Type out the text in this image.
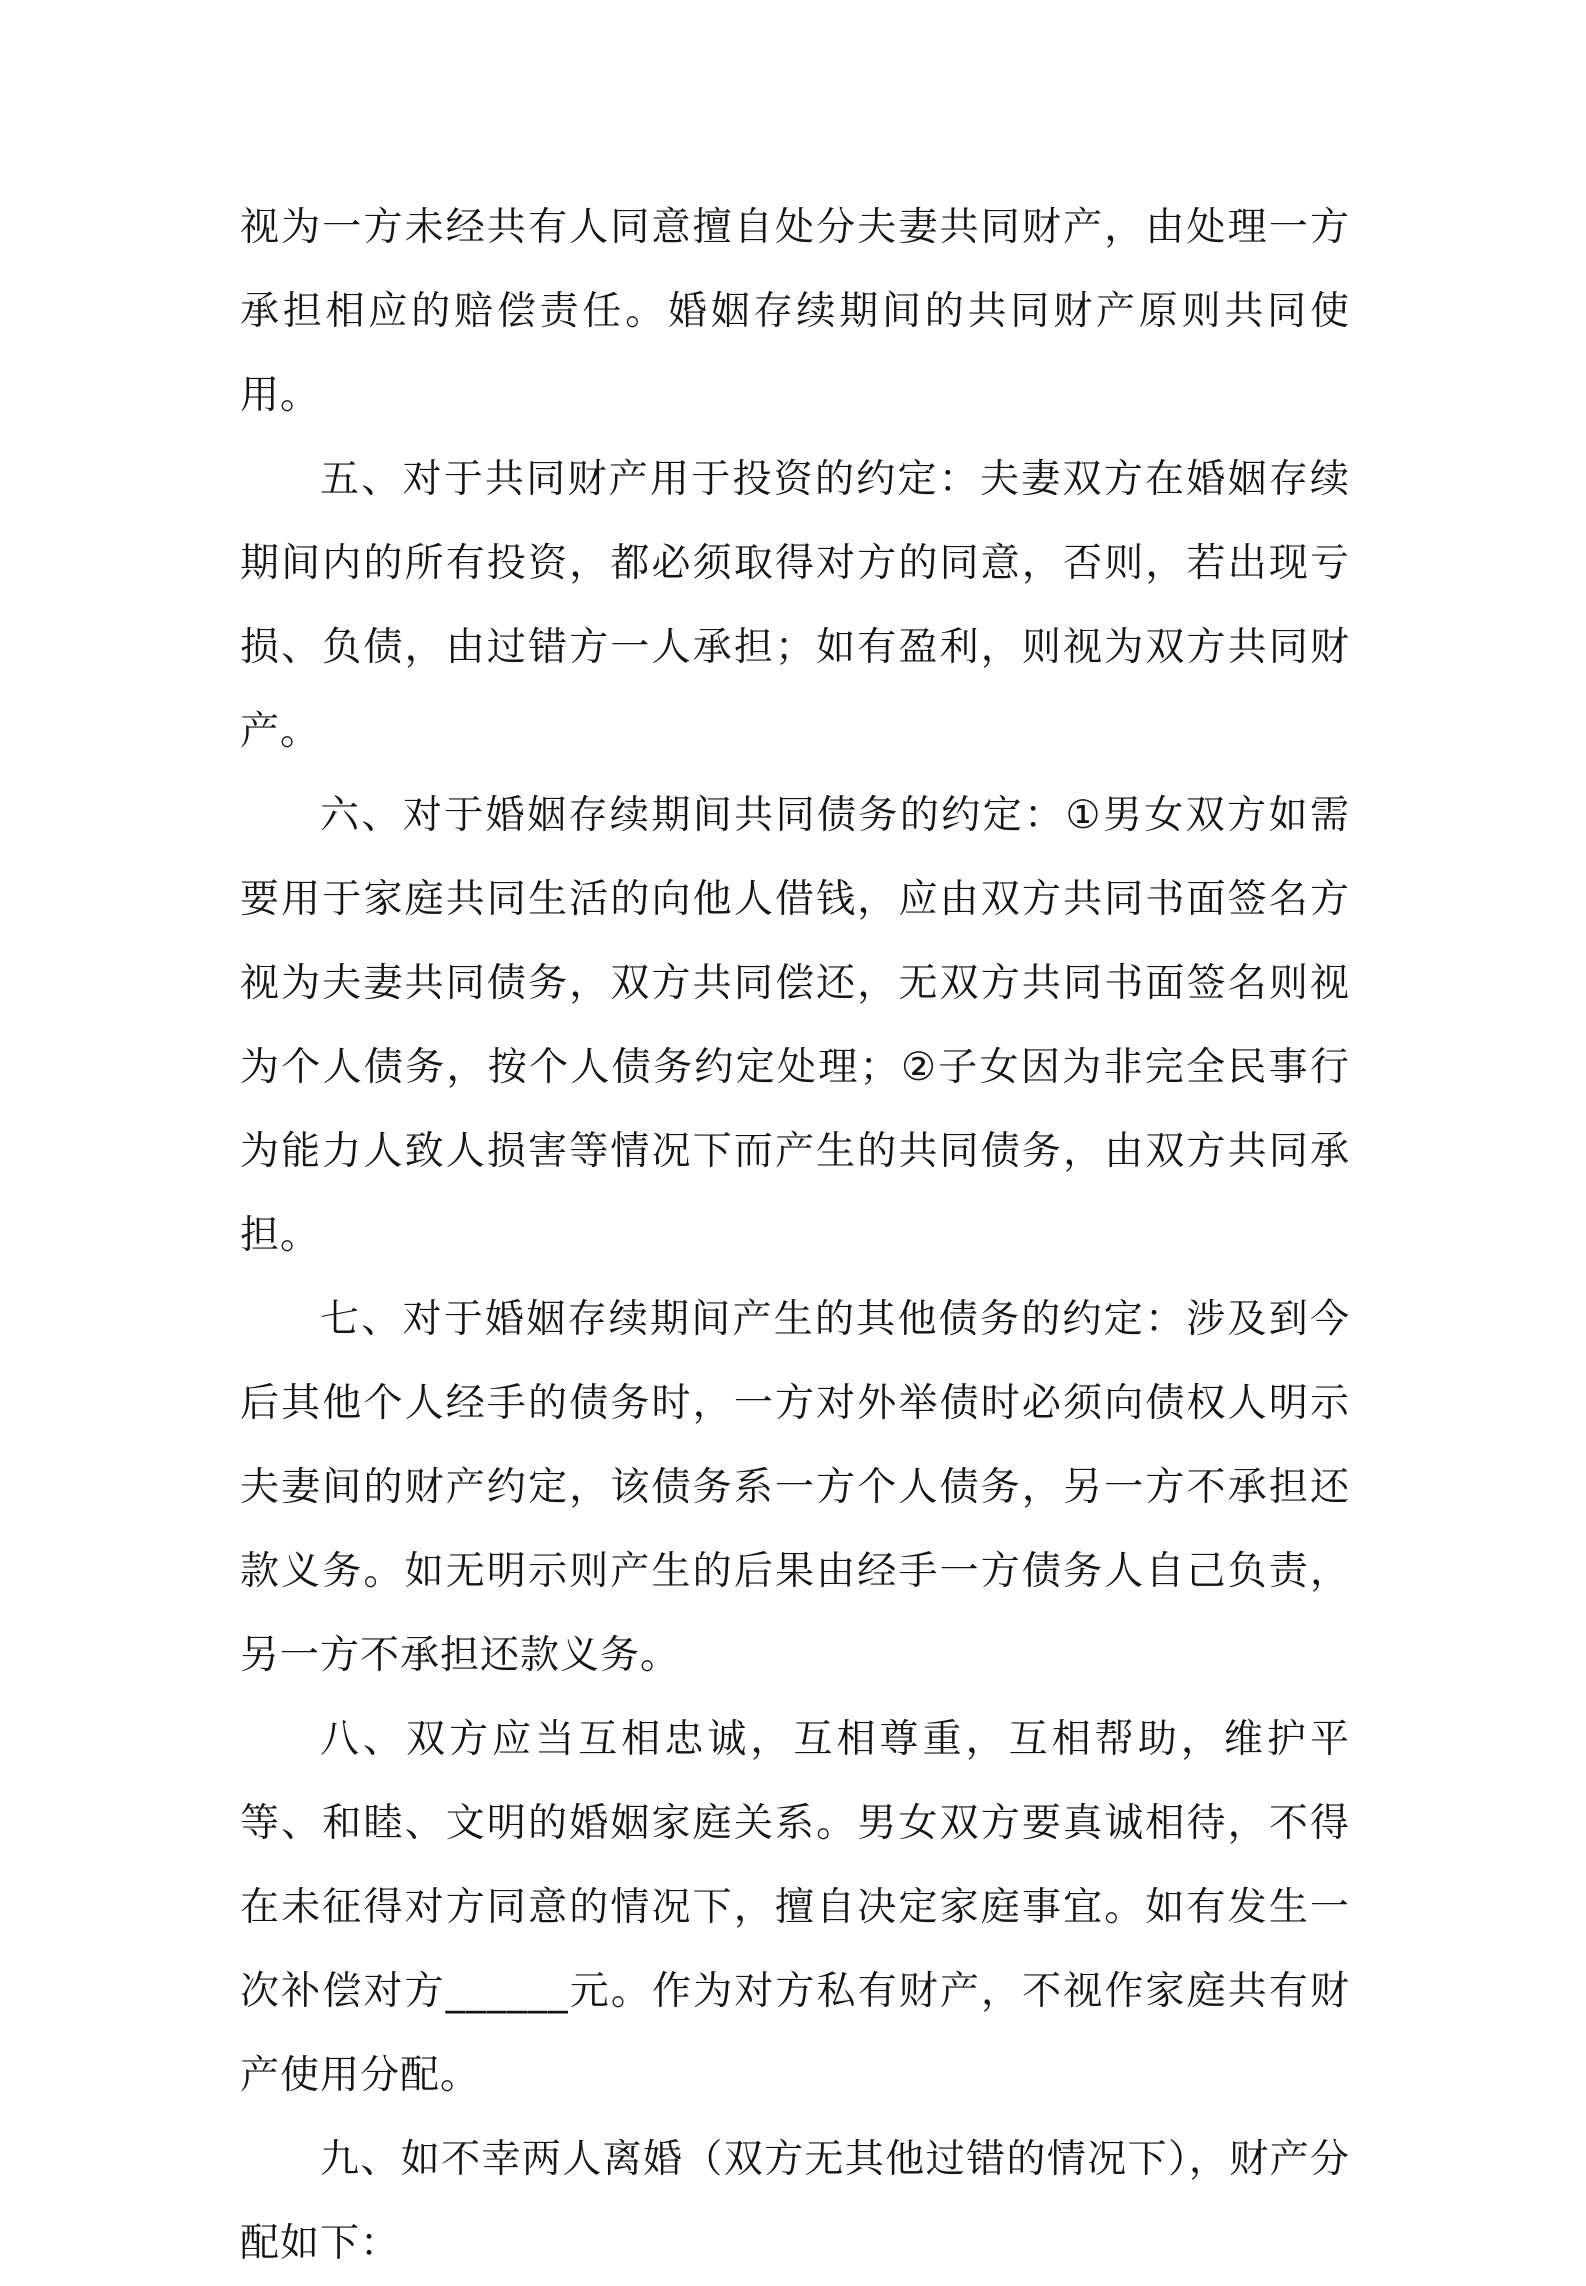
视为一方未经共有人同意擅自处分夫妻共同财产，由处理一方承担相应的赔偿责任。婚姻存续期间的共同财产原则共同使用。

五、对于共同财产用于投资的约定：夫妻双方在婚姻存续期间内的所有投资，都必须取得对方的同意，否则，若出现亏损、负债，由过错方一人承担；如有盈利，则视为双方共同财产。

六、对于婚姻存续期间共同债务的约定：①男女双方如需要用于家庭共同生活的向他人借钱，应由双方共同书面签名方视为夫妻共同债务，双方共同偿还，无双方共同书面签名则视为个人债务，按个人债务约定处理；②子女因为非完全民事行为能力人致人损害等情况下而产生的共同债务，由双方共同承担。

七、对于婚姻存续期间产生的其他债务的约定：涉及到今后其他个人经手的债务时，一方对外举债时必须向债权人明示夫妻间的财产约定，该债务系一方个人债务，另一方不承担还款义务。如无明示则产生的后果由经手一方债务人自己负责，另一方不承担还款义务。

八、双方应当互相忠诚，互相尊重，互相帮助，维护平等、和睦、文明的婚姻家庭关系。男女双方要真诚相待，不得在未征得对方同意的情况下，擅自决定家庭事宜。如有发生一次补偿对方______元。作为对方私有财产，不视作家庭共有财产使用分配。

九、如不幸两人离婚（双方无其他过错的情况下），财产分配如下：
